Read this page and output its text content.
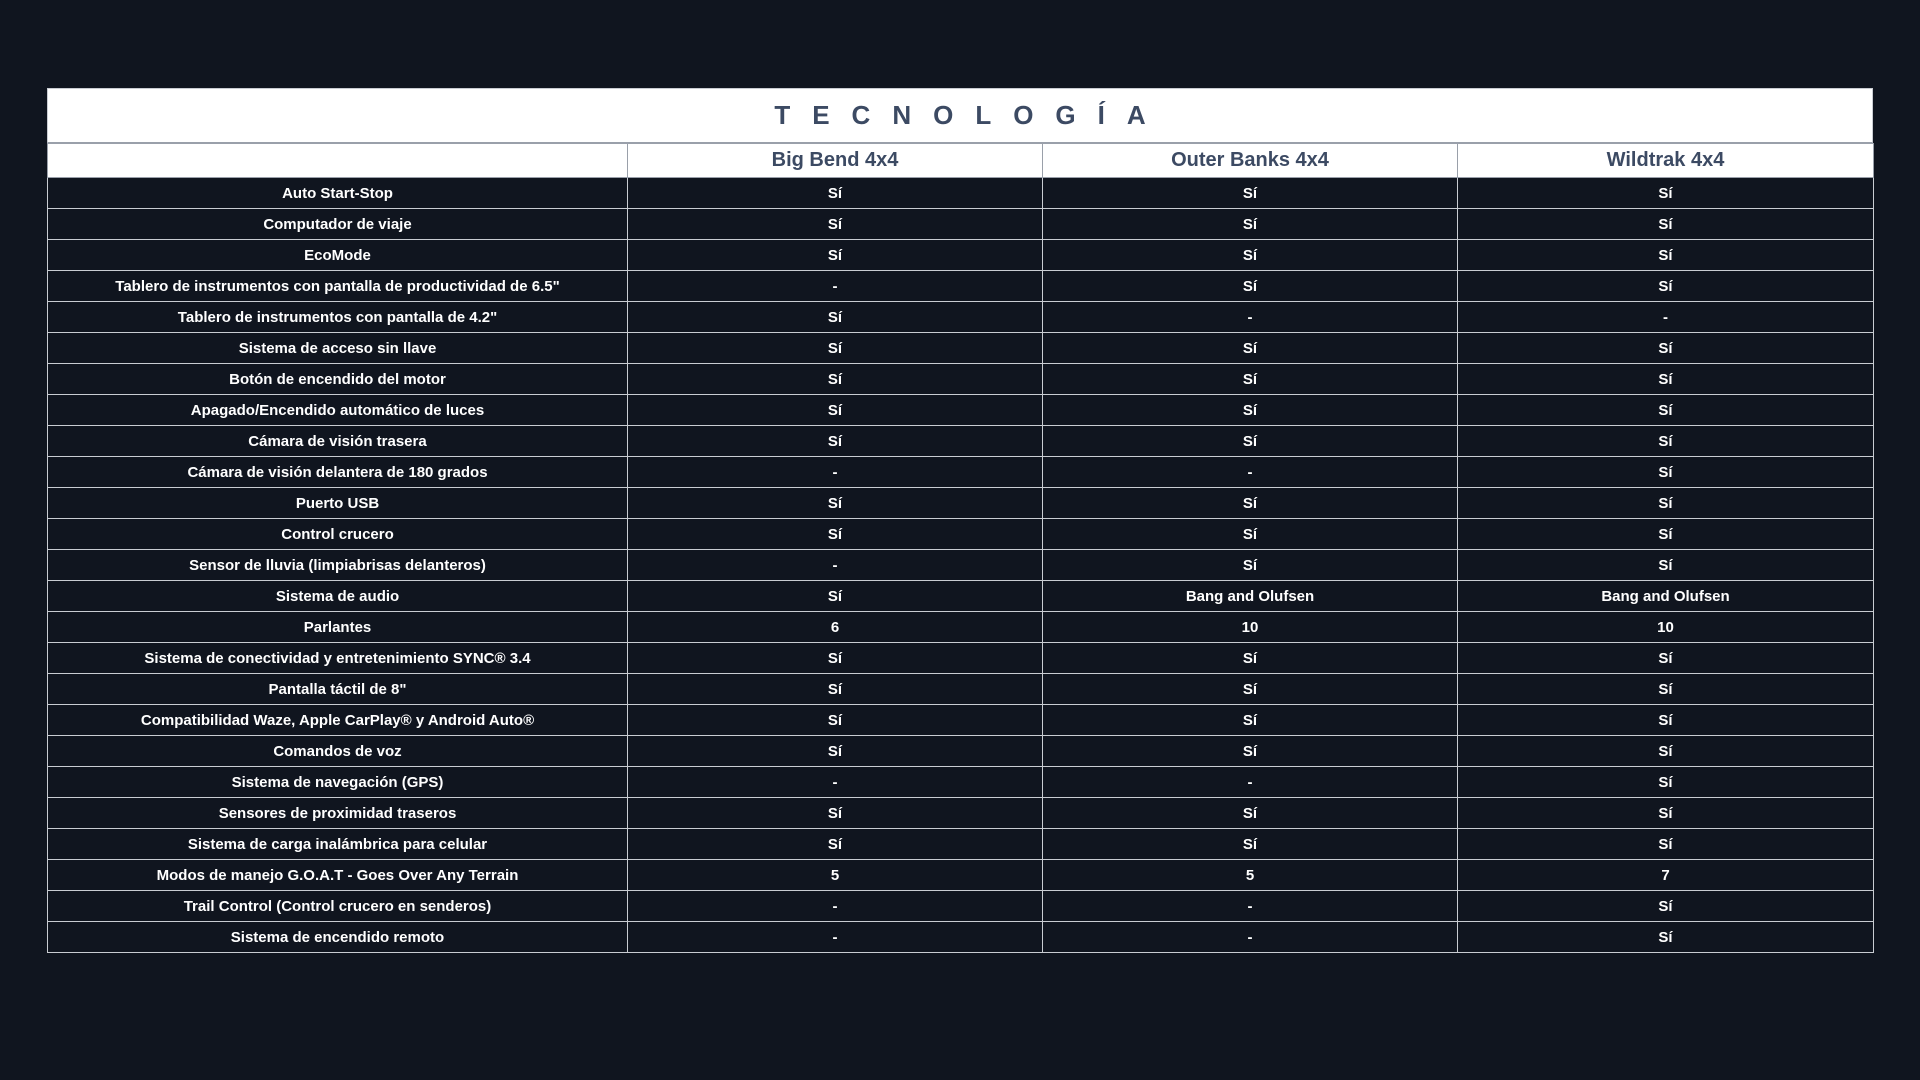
TECNOLOGÍA
	Big Bend 4x4	Outer Banks 4x4	Wildtrak 4x4
Auto Start-Stop	Sí	Sí	Sí
Computador de viaje	Sí	Sí	Sí
EcoMode	Sí	Sí	Sí
Tablero de instrumentos con pantalla de productividad de 6.5"	-	Sí	Sí
Tablero de instrumentos con pantalla de 4.2"	Sí	-	-
Sistema de acceso sin llave	Sí	Sí	Sí
Botón de encendido del motor	Sí	Sí	Sí
Apagado/Encendido automático de luces	Sí	Sí	Sí
Cámara de visión trasera	Sí	Sí	Sí
Cámara de visión delantera de 180 grados	-	-	Sí
Puerto USB	Sí	Sí	Sí
Control crucero	Sí	Sí	Sí
Sensor de lluvia (limpiabrisas delanteros)	-	Sí	Sí
Sistema de audio	Sí	Bang and Olufsen	Bang and Olufsen
Parlantes	6	10	10
Sistema de conectividad y entretenimiento SYNC® 3.4	Sí	Sí	Sí
Pantalla táctil de 8"	Sí	Sí	Sí
Compatibilidad Waze, Apple CarPlay® y Android Auto®	Sí	Sí	Sí
Comandos de voz	Sí	Sí	Sí
Sistema de navegación (GPS)	-	-	Sí
Sensores de proximidad traseros	Sí	Sí	Sí
Sistema de carga inalámbrica para celular	Sí	Sí	Sí
Modos de manejo G.O.A.T - Goes Over Any Terrain	5	5	7
Trail Control (Control crucero en senderos)	-	-	Sí
Sistema de encendido remoto	-	-	Sí
